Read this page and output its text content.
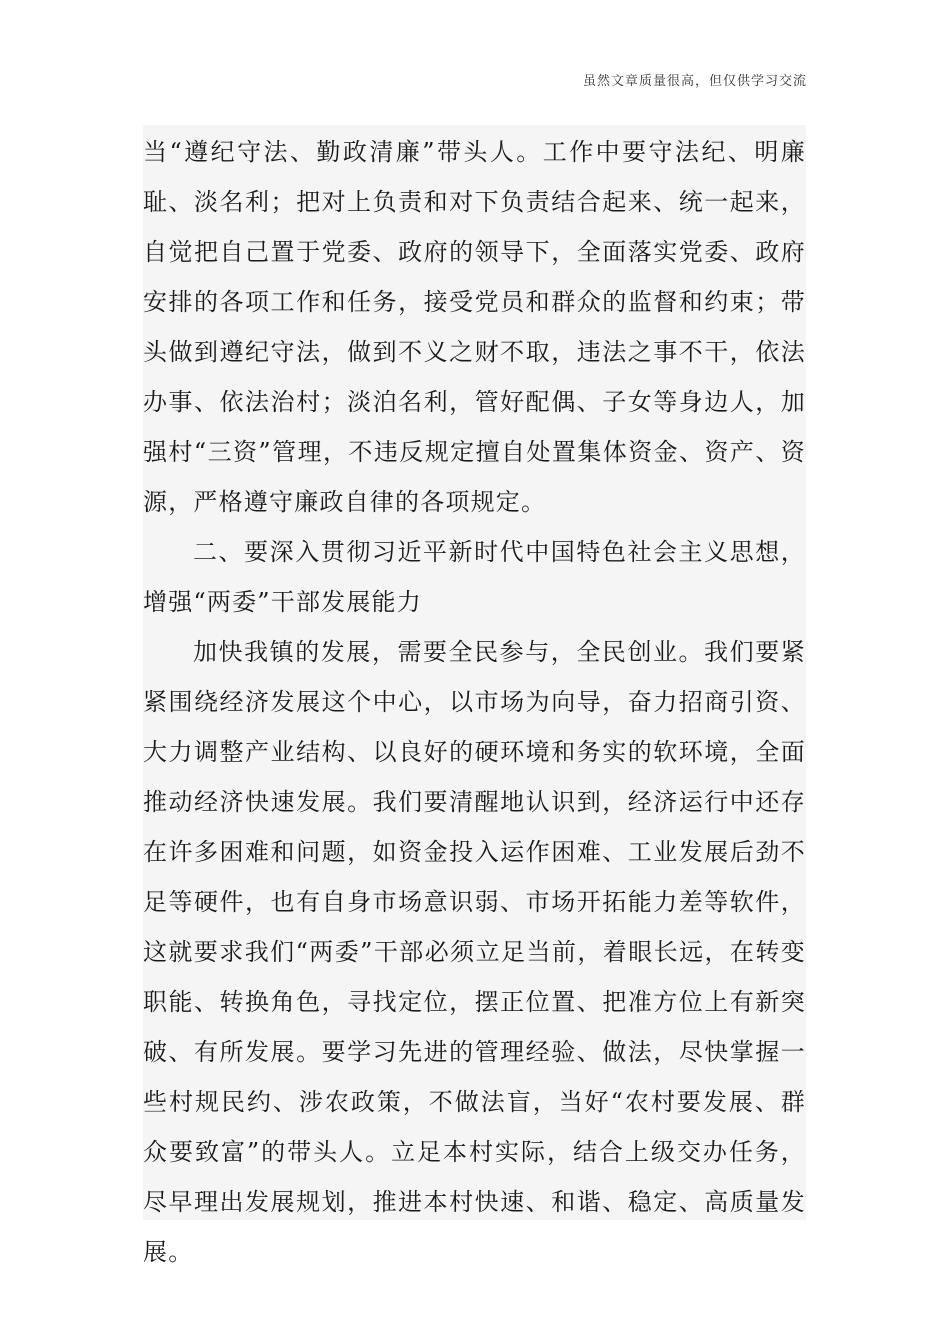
虽然文章质量很高，但仅供学习交流

当“遵纪守法、勤政清廉”带头人。工作中要守法纪、明廉耻、淡名利；把对上负责和对下负责结合起来、统一起来，自觉把自己置于党委、政府的领导下，全面落实党委、政府安排的各项工作和任务，接受党员和群众的监督和约束；带头做到遵纪守法，做到不义之财不取，违法之事不干，依法办事、依法治村；淡泊名利，管好配偶、子女等身边人，加强村“三资”管理，不违反规定擅自处置集体资金、资产、资源，严格遵守廉政自律的各项规定。

二、要深入贯彻习近平新时代中国特色社会主义思想，增强“两委”干部发展能力

加快我镇的发展，需要全民参与，全民创业。我们要紧紧围绕经济发展这个中心，以市场为向导，奋力招商引资、大力调整产业结构、以良好的硬环境和务实的软环境，全面推动经济快速发展。我们要清醒地认识到，经济运行中还存在许多困难和问题，如资金投入运作困难、工业发展后劲不足等硬件，也有自身市场意识弱、市场开拓能力差等软件，这就要求我们“两委”干部必须立足当前，着眼长远，在转变职能、转换角色，寻找定位，摆正位置、把准方位上有新突破、有所发展。要学习先进的管理经验、做法，尽快掌握一些村规民约、涉农政策，不做法盲，当好“农村要发展、群众要致富”的带头人。立足本村实际，结合上级交办任务，尽早理出发展规划，推进本村快速、和谐、稳定、高质量发展。
